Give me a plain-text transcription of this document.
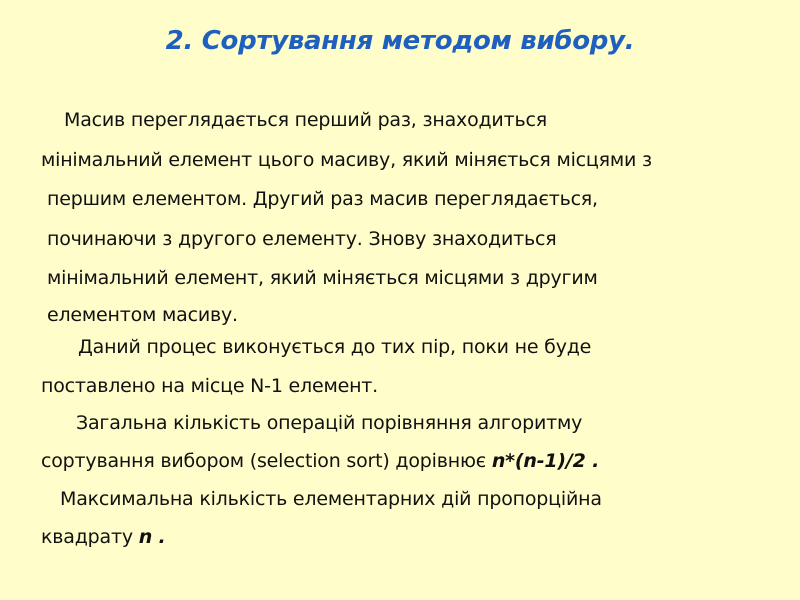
2. Сортування методом вибору.
Масив переглядається перший раз, знаходиться
мінімальний елемент цього масиву, який міняється місцями з
першим елементом. Другий раз масив переглядається,
починаючи з другого елементу. Знову знаходиться
мінімальний елемент, який міняється місцями з другим
елементом масиву.
Даний процес виконується до тих пір, поки не буде
поставлено на місце N-1 елемент.
Загальна кількість операцій порівняння алгоритму
сортування вибором (selection sort) дорівнює n*(n-1)/2 .
Максимальна кількість елементарних дій пропорційна
квадрату n .
